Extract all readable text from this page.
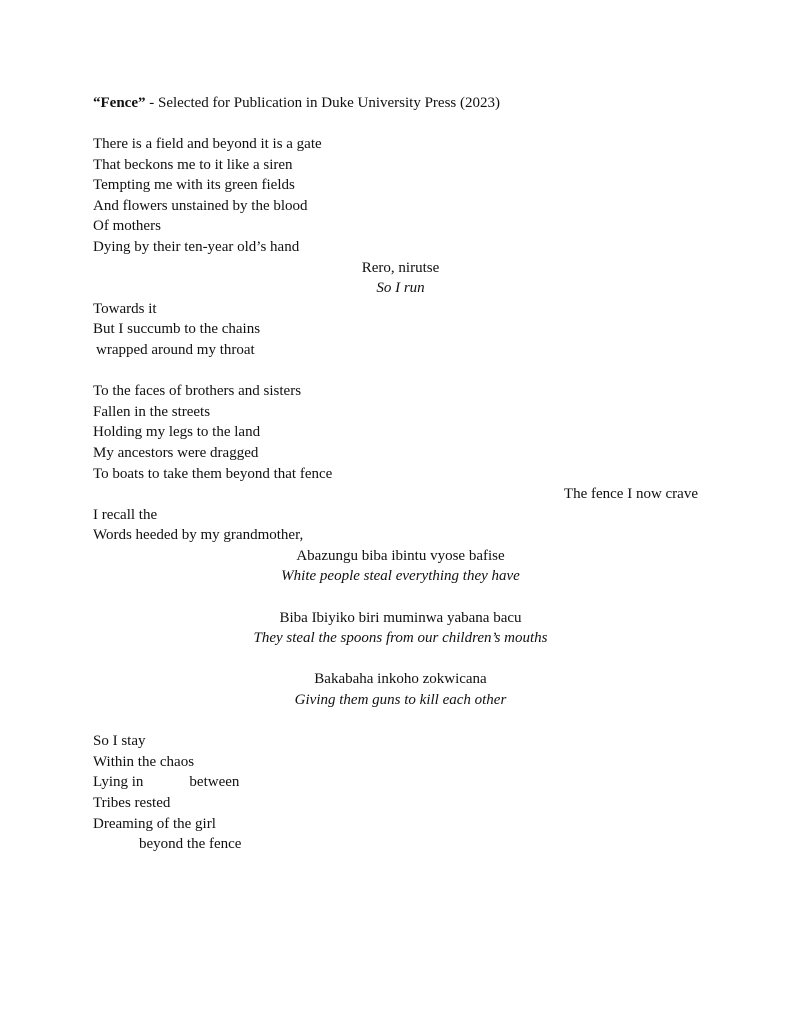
“Fence” - Selected for Publication in Duke University Press (2023)
There is a field and beyond it is a gate
That beckons me to it like a siren
Tempting me with its green fields
And flowers unstained by the blood
Of mothers
Dying by their ten-year old’s hand
Rero, nirutse
So I run
Towards it
But I succumb to the chains
wrapped around my throat
To the faces of brothers and sisters
Fallen in the streets
Holding my legs to the land
My ancestors were dragged
To boats to take them beyond that fence
The fence I now crave
I recall the
Words heeded by my grandmother,
Abazungu biba ibintu vyose bafise
White people steal everything they have
Biba Ibiyiko biri muminwa yabana bacu
They steal the spoons from our children’s mouths
Bakabaha inkoho zokwicana
Giving them guns to kill each other
So I stay
Within the chaos
Lying in	between
Tribes rested
Dreaming of the girl
beyond the fence
